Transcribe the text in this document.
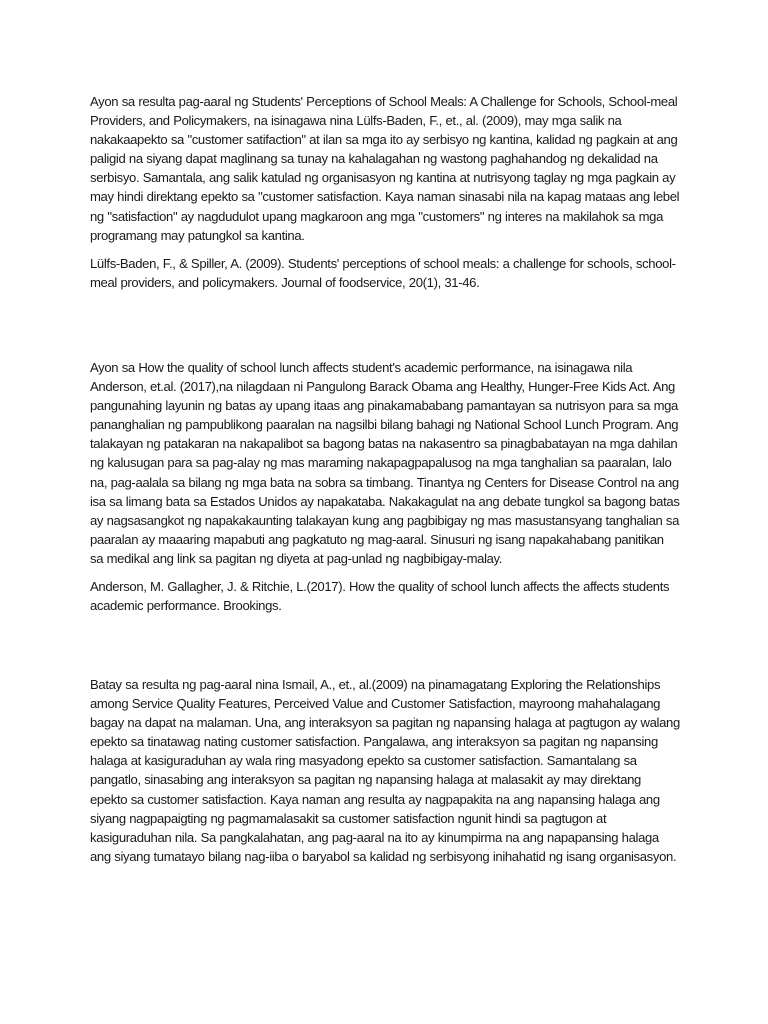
Ayon sa resulta pag-aaral ng Students' Perceptions of School Meals: A Challenge for Schools, School-meal Providers, and Policymakers, na isinagawa nina Lülfs-Baden, F., et., al. (2009), may mga salik na nakakaapekto sa "customer satifaction" at ilan sa mga ito ay serbisyo ng kantina, kalidad ng pagkain at ang paligid na siyang dapat maglinang sa tunay na kahalagahan ng wastong paghahandog ng dekalidad na serbisyo. Samantala, ang salik katulad ng organisasyon ng kantina at nutrisyong taglay ng mga pagkain ay may hindi direktang epekto sa "customer satisfaction. Kaya naman sinasabi nila na kapag mataas ang lebel ng "satisfaction" ay nagdudulot upang magkaroon ang mga "customers" ng interes na makilahok sa mga programang may patungkol sa kantina.

Lülfs-Baden, F., & Spiller, A. (2009). Students' perceptions of school meals: a challenge for schools, school-meal providers, and policymakers. Journal of foodservice, 20(1), 31-46.

Ayon sa How the quality of school lunch affects student's academic performance, na isinagawa nila Anderson, et.al. (2017),na nilagdaan ni Pangulong Barack Obama ang Healthy, Hunger-Free Kids Act. Ang pangunahing layunin ng batas ay upang itaas ang pinakamababang pamantayan sa nutrisyon para sa mga pananghalian ng pampublikong paaralan na nagsilbi bilang bahagi ng National School Lunch Program. Ang talakayan ng patakaran na nakapalibot sa bagong batas na nakasentro sa pinagbabatayan na mga dahilan ng kalusugan para sa pag-alay ng mas maraming nakapagpapalusog na mga tanghalian sa paaralan, lalo na, pag-aalala sa bilang ng mga bata na sobra sa timbang. Tinantya ng Centers for Disease Control na ang isa sa limang bata sa Estados Unidos ay napakataba. Nakakagulat na ang debate tungkol sa bagong batas ay nagsasangkot ng napakakaunting talakayan kung ang pagbibigay ng mas masustansyang tanghalian sa paaralan ay maaaring mapabuti ang pagkatuto ng mag-aaral. Sinusuri ng isang napakahabang panitikan sa medikal ang link sa pagitan ng diyeta at pag-unlad ng nagbibigay-malay.

Anderson, M. Gallagher, J. & Ritchie, L.(2017). How the quality of school lunch affects the affects students academic performance. Brookings.

Batay sa resulta ng pag-aaral nina Ismail, A., et., al.(2009) na pinamagatang Exploring the Relationships among Service Quality Features, Perceived Value and Customer Satisfaction, mayroong mahahalagang bagay na dapat na malaman. Una, ang interaksyon sa pagitan ng napansing halaga at pagtugon ay walang epekto sa tinatawag nating customer satisfaction. Pangalawa, ang interaksyon sa pagitan ng napansing halaga at kasiguraduhan ay wala ring masyadong epekto sa customer satisfaction. Samantalang sa pangatlo, sinasabing ang interaksyon sa pagitan ng napansing halaga at malasakit ay may direktang epekto sa customer satisfaction. Kaya naman ang resulta ay nagpapakita na ang napansing halaga ang siyang nagpapaigting ng pagmamalasakit sa customer satisfaction ngunit hindi sa pagtugon at kasiguraduhan nila. Sa pangkalahatan, ang pag-aaral na ito ay kinumpirma na ang napapansing halaga ang siyang tumatayo bilang nag-iiba o baryabol sa kalidad ng serbisyong inihahatid ng isang organisasyon.
